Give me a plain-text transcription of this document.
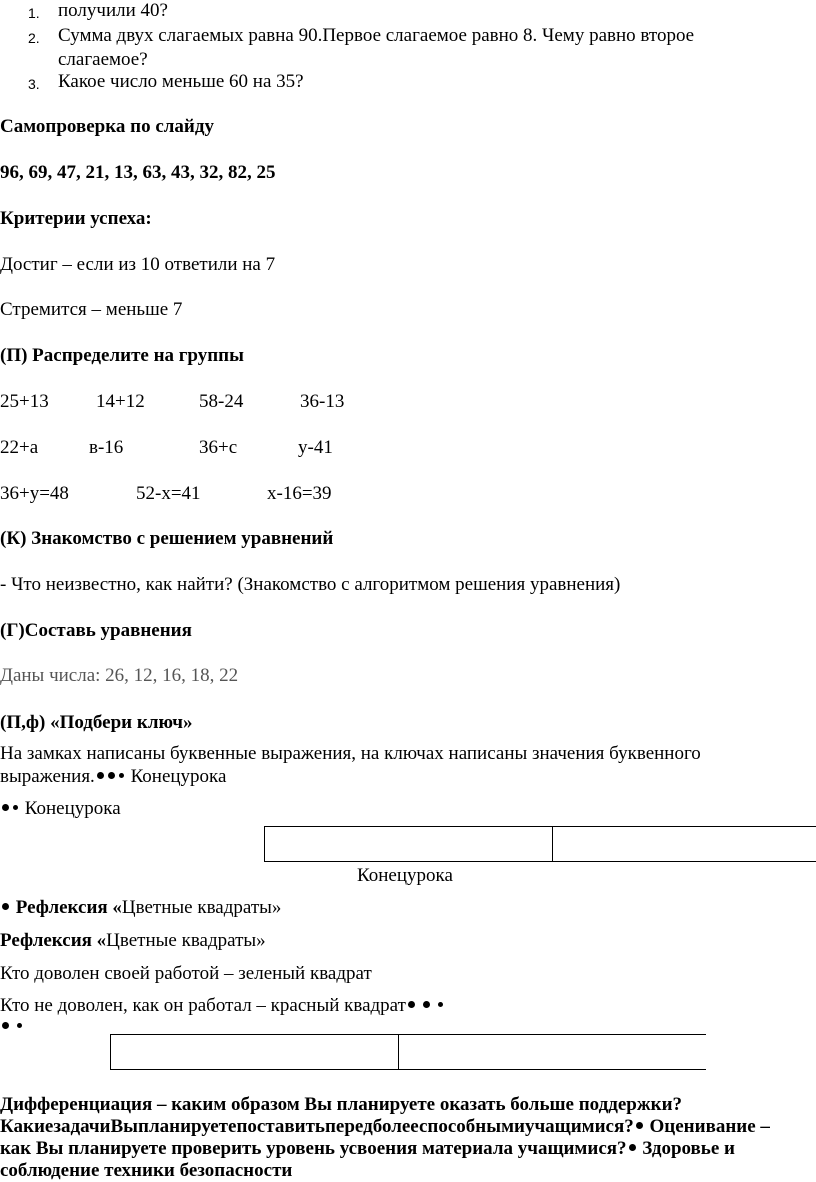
1. получили 40?
2. Сумма двух слагаемых равна 90.Первое слагаемое равно 8. Чему равно второе
слагаемое?
3. Какое число меньше 60 на 35?
Самопроверка по слайду
96, 69, 47, 21, 13, 63, 43, 32, 82, 25
Критерии успеха:
Достиг – если из 10 ответили на 7
Стремится – меньше 7
(П) Распределите на группы
25+13 14+12	58-24	36-13
22+а	в-16	36+с	у-41
36+у=48	52-х=41	х-16=39
(К) Знакомство с решением уравнений
- Что неизвестно, как найти? (Знакомство с алгоритмом решения уравнения)
(Г)Составь уравнения
Даны числа: 26, 12, 16, 18, 22
(П,ф) «Подбери ключ»
На замках написаны буквенные выражения, на ключах написаны значения буквенного
выражения. Конецурока
Конецурока

Конецурока
Рефлексия «Цветные квадраты»
Рефлексия «Цветные квадраты»
Кто доволен своей работой – зеленый квадрат
Кто не доволен, как он работал – красный квадрат

Дифференциация – каким образом Вы планируете оказать больше поддержки?
КакиезадачиВыпланируетепоставитьпередболееспособнымиучащимися? Оценивание –
как Вы планируете проверить уровень усвоения материала учащимися? Здоровье и
соблюдение техники безопасности
